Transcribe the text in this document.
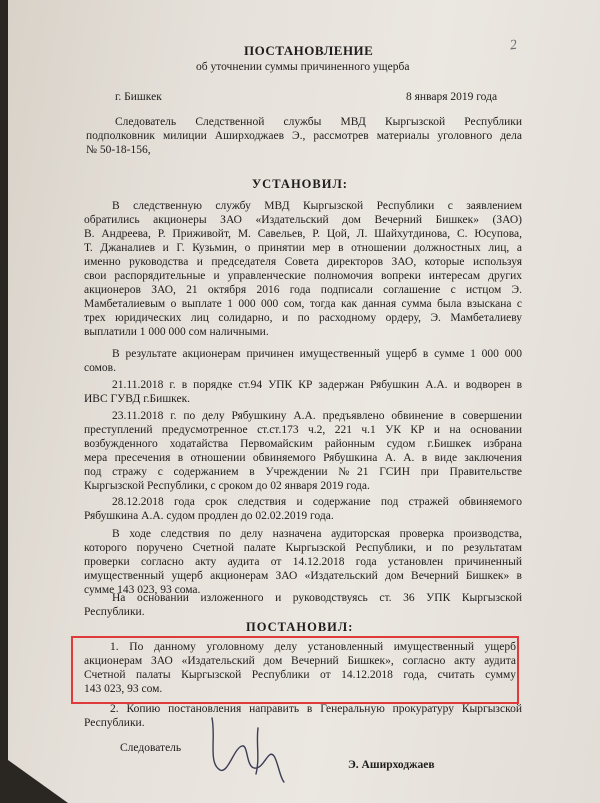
2

ПОСТАНОВЛЕНИЕ

об уточнении суммы причиненного ущерба

г. Бишкек	8 января 2019 года

Следователь Следственной службы МВД Кыргызской Республики

подполковник милиции Аширходжаев Э., рассмотрев материалы уголовного дела

№ 50-18-156,

УСТАНОВИЛ:

В следственную службу МВД Кыргызской Республики с заявлением

обратились акционеры ЗАО «Издательский дом Вечерний Бишкек» (ЗАО)

В. Андреева, Р. Приживойт, М. Савельев, Р. Цой, Л. Шайхутдинова, С. Юсупова,

Т. Джаналиев и Г. Кузьмин, о принятии мер в отношении должностных лиц, а

именно руководства и председателя Совета директоров ЗАО, которые используя

свои распорядительные и управленческие полномочия вопреки интересам других

акционеров ЗАО, 21 октября 2016 года подписали соглашение с истцом Э.

Мамбеталиевым о выплате 1 000 000 сом, тогда как данная сумма была взыскана с

трех юридических лиц солидарно, и по расходному ордеру, Э. Мамбеталиеву

выплатили 1 000 000 сом наличными.

В результате акционерам причинен имущественный ущерб в сумме 1 000 000

сомов.

21.11.2018 г. в порядке ст.94 УПК КР задержан Рябушкин А.А. и водворен в

ИВС ГУВД г.Бишкек.

23.11.2018 г. по делу Рябушкину А.А. предъявлено обвинение в совершении

преступлений предусмотренное ст.ст.173 ч.2, 221 ч.1 УК КР и на основании

возбужденного ходатайства Первомайским районным судом г.Бишкек избрана

мера пресечения в отношении обвиняемого Рябушкина А. А. в виде заключения

под стражу с содержанием в Учреждении №21 ГСИН при Правительстве

Кыргызской Республики, с сроком до 02 января 2019 года.

28.12.2018 года срок следствия и содержание под стражей обвиняемого

Рябушкина А.А. судом продлен до 02.02.2019 года.

В ходе следствия по делу назначена аудиторская проверка производства,

которого поручено Счетной палате Кыргызской Республики, и по результатам

проверки согласно акту аудита от 14.12.2018 года установлен причиненный

имущественный ущерб акционерам ЗАО «Издательский дом Вечерний Бишкек» в

сумме 143 023, 93 сома.

На основании изложенного и руководствуясь ст. 36 УПК Кыргызской

Республики.

ПОСТАНОВИЛ:

1. По данному уголовному делу установленный имущественный ущерб

акционерам ЗАО «Издательский дом Вечерний Бишкек», согласно акту аудита

Счетной палаты Кыргызской Республики от 14.12.2018 года, считать сумму

143 023, 93 сом.

2. Копию постановления направить в Генеральную прокуратуру Кыргызской

Республики.

Следователь

Э. Аширходжаев
